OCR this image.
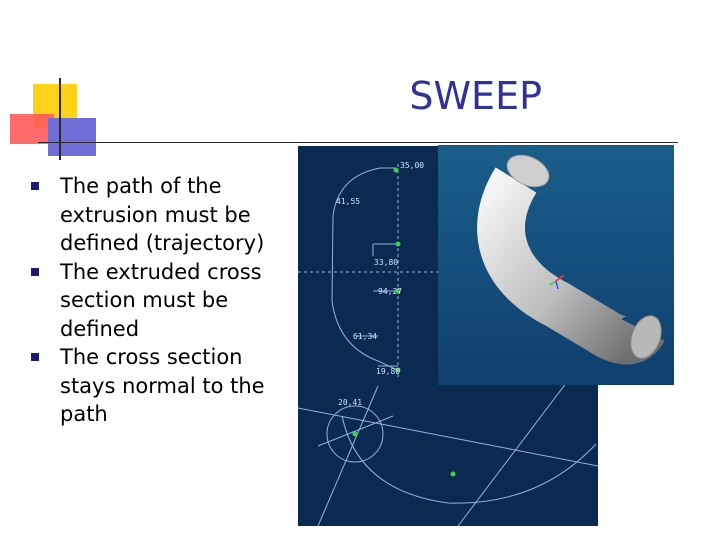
SWEEP
The path of the extrusion must be defined (trajectory)
The extruded cross section must be defined
The cross section stays normal to the path
35,00
41,55
33,80
94,27
61,34
19,80
20,41
